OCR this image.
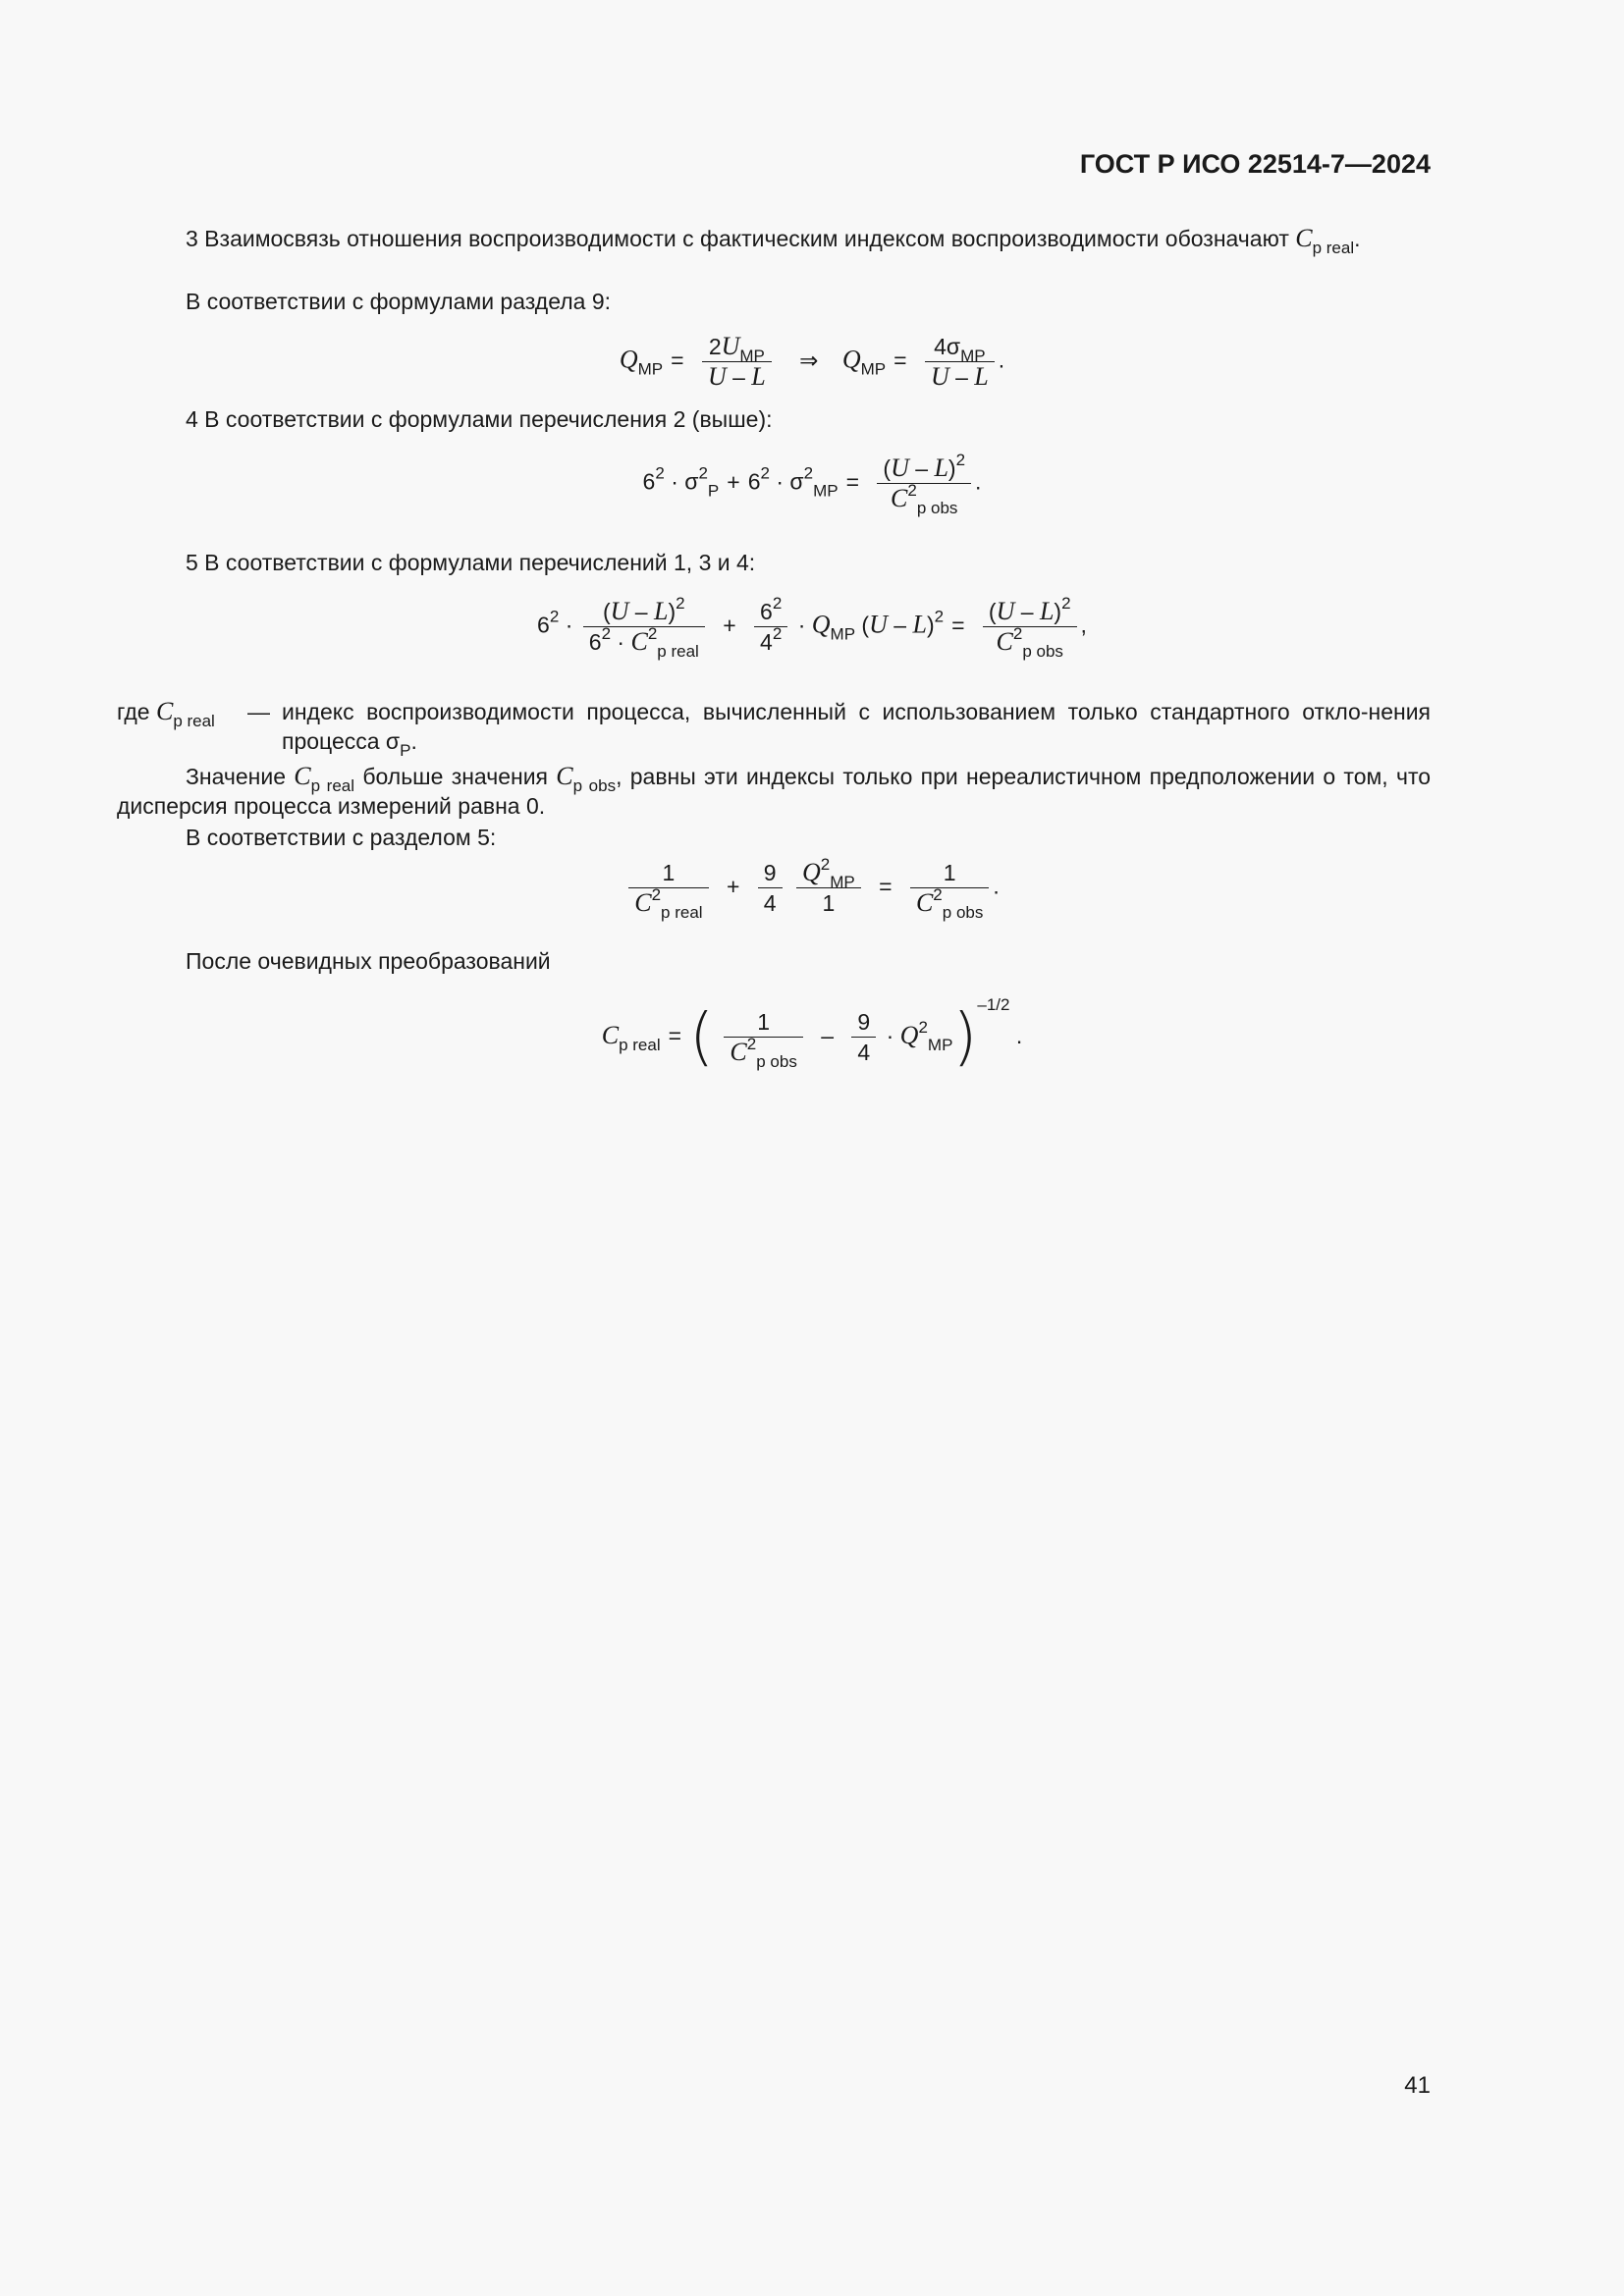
ГОСТ Р ИСО 22514-7—2024
3 Взаимосвязь отношения воспроизводимости с фактическим индексом воспроизводимости обозначают $C_{p real}$.
В соответствии с формулами раздела 9:
$Q_{MP} = \frac{2U_{MP}}{U - L}$ ⇒ $Q_{MP} = \frac{4\sigma_{MP}}{U - L}$ .
4 В соответствии с формулами перечисления 2 (выше):
$6^2 \cdot \sigma^2_P + 6^2 \cdot \sigma^2_{MP} = \frac{(U - L)^2}{C^2_{p obs}}$ .
5 В соответствии с формулами перечислений 1, 3 и 4:
$6^2 \cdot \frac{(U - L)^2}{6^2 \cdot C^2_{p real}} + \frac{6^2}{4^2} \cdot Q_{MP}$ $(U - L)^2 = \frac{(U - L)^2}{C^2_{p obs}}$ ,
где $C_{p real}$	— индекс воспроизводимости процесса, вычисленный с использованием только стандартного откло-нения процесса $\sigma_P$.
Значение $C_{p real}$ больше значения $C_{p obs}$, равны эти индексы только при нереалистичном предположении о том, что дисперсия процесса измерений равна 0.
В соответствии с разделом 5:
$\frac{1}{C^2_{p real}} + \frac{9}{4}$
$\frac{Q^2_{MP}}{1} = \frac{1}{C^2_{p obs}}$ .
После очевидных преобразований
$C_{p real}$ = ( $\frac{1}{C^2_{p obs}} - \frac{9}{4} \cdot Q^2_{MP})^{-1/2}$ .
41
